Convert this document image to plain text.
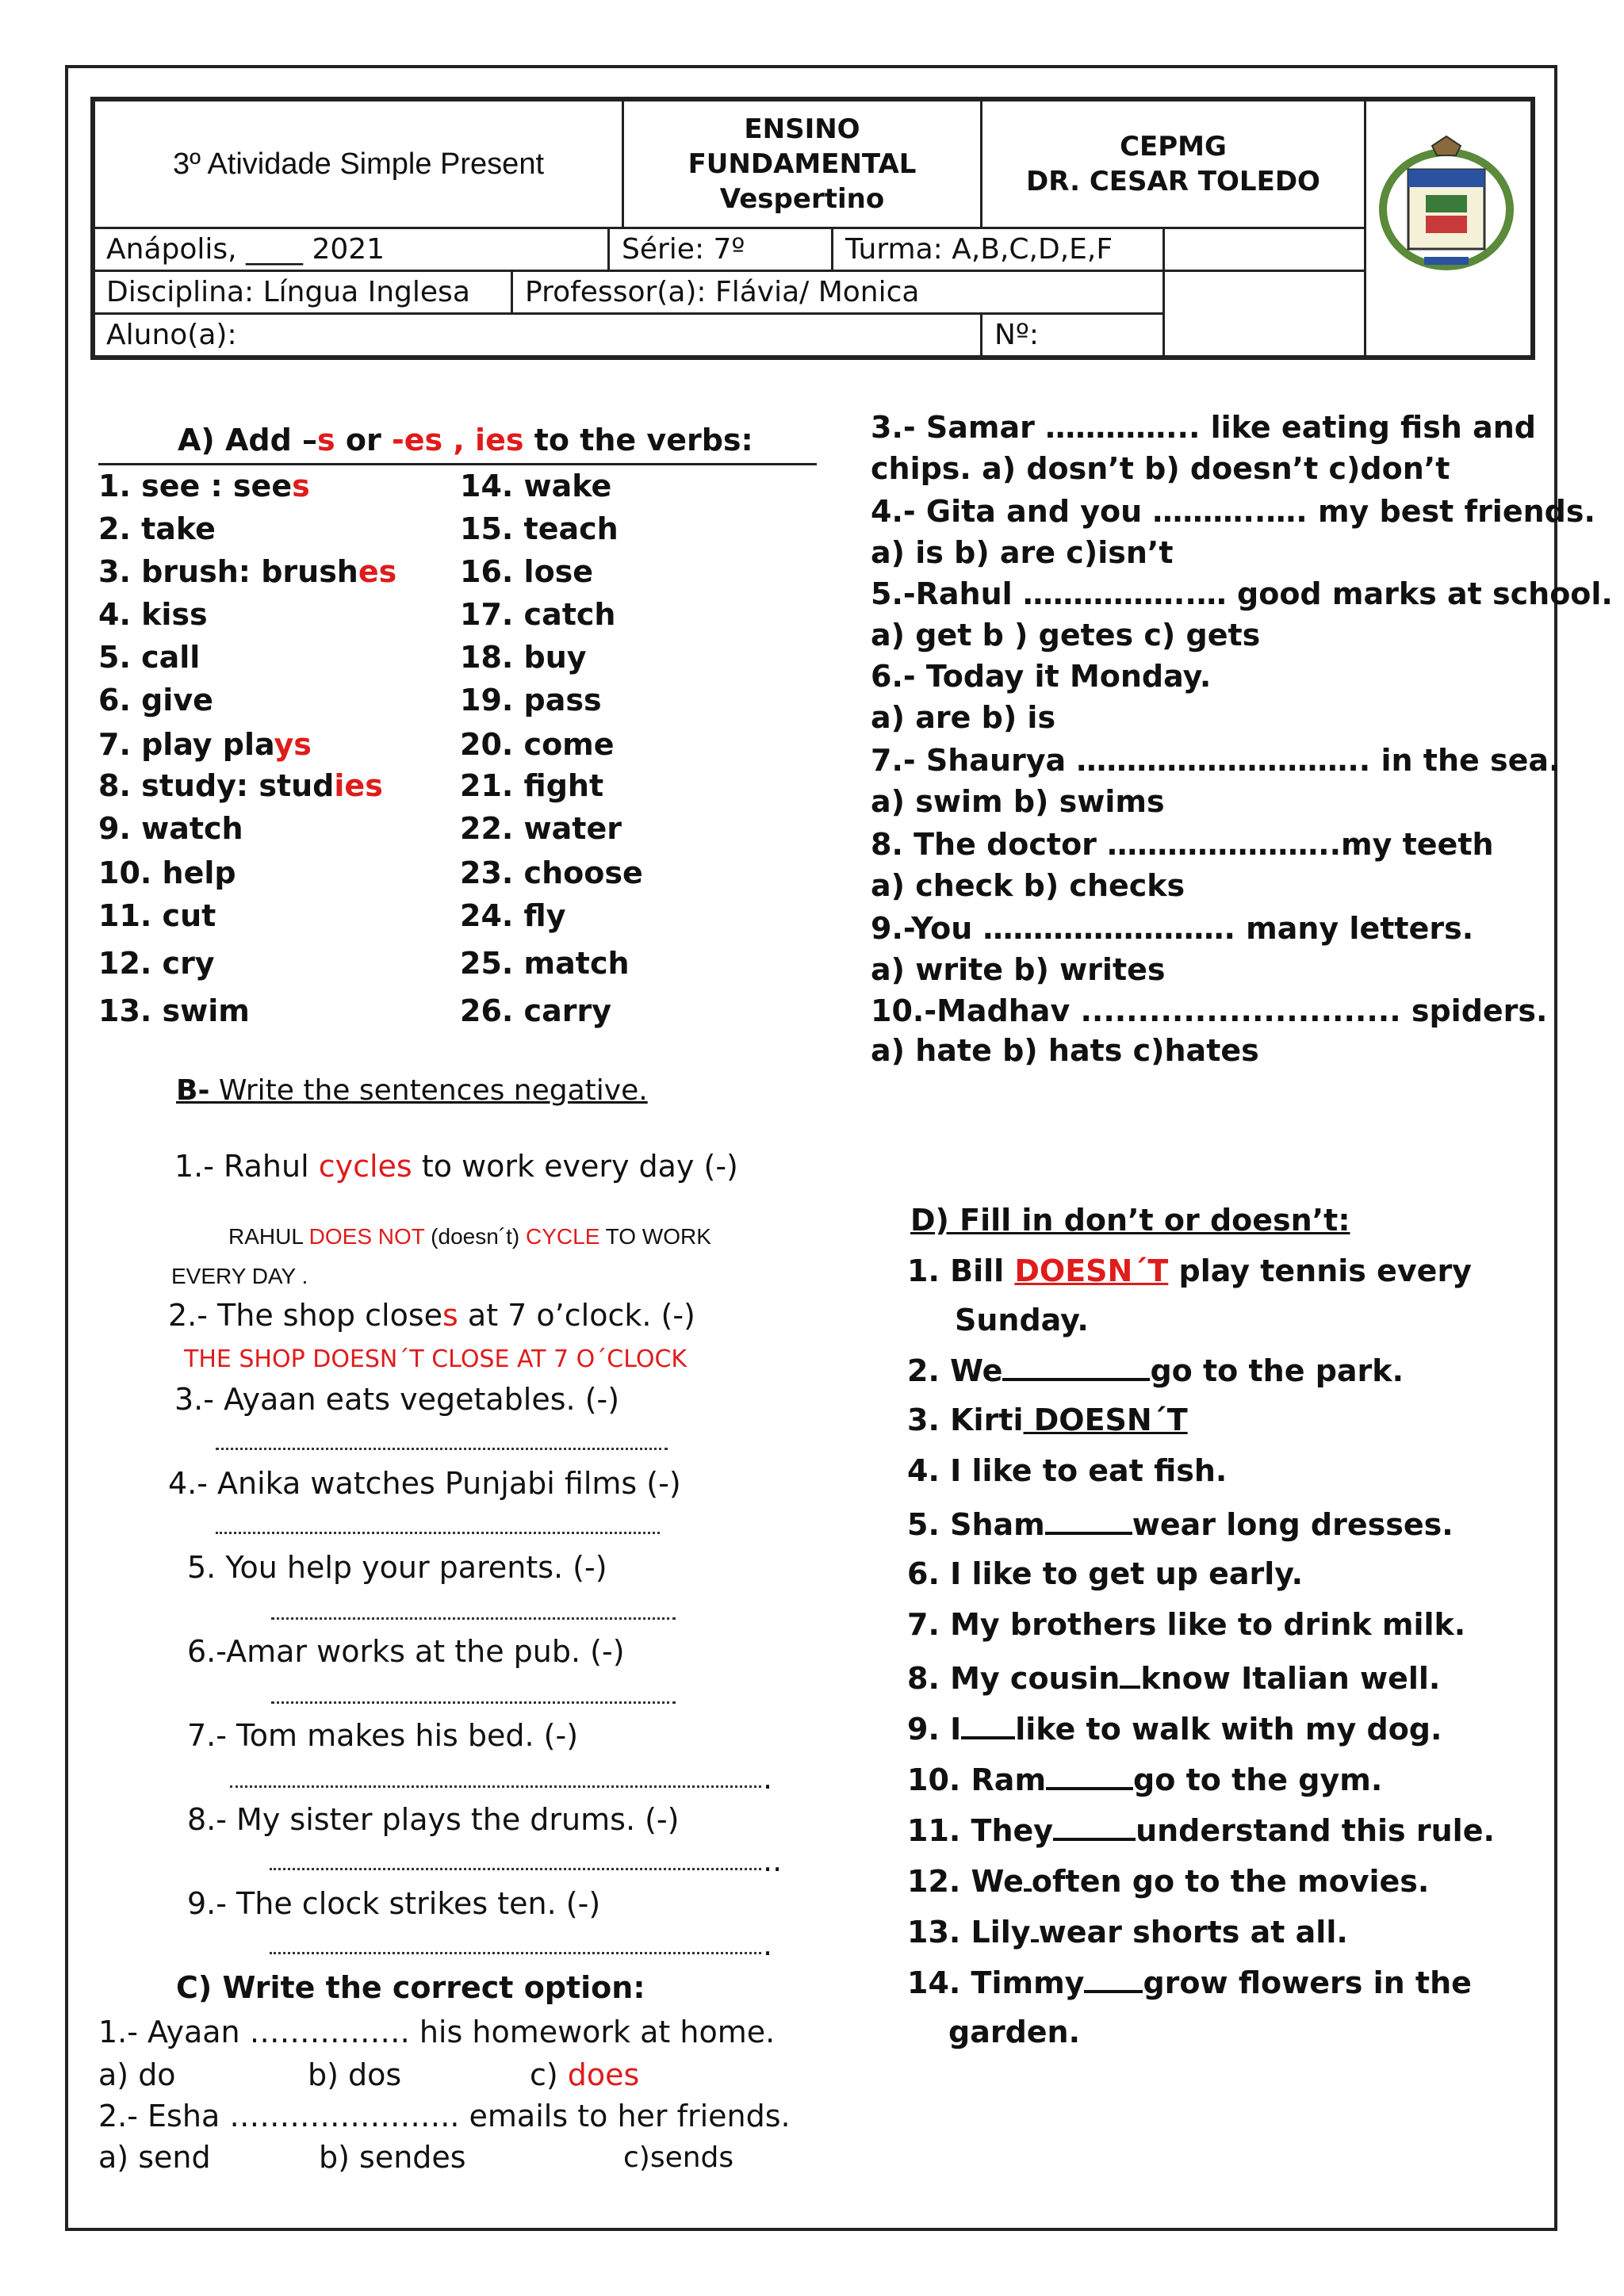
3º Atividade Simple Present
ENSINO
FUNDAMENTAL
Vespertino
CEPMG
DR. CESAR TOLEDO
Anápolis, ____ 2021	Série: 7º	Turma: A,B,C,D,E,F
Disciplina: Língua Inglesa	Professor(a): Flávia/ Monica
Aluno(a):	Nº:
A) Add –s or -es , ies to the verbs:
1. see : sees
2. take
3. brush: brushes
4. kiss
5. call
6. give
7. play plays
8. study: studies
9. watch
10. help
11. cut
12. cry
13. swim
14. wake
15. teach
16. lose
17. catch
18. buy
19. pass
20. come
21. fight
22. water
23. choose
24. fly
25. match
26. carry
B- Write the sentences negative.
1.- Rahul cycles to work every day (-)
RAHUL DOES NOT (doesn´t) CYCLE TO WORK
EVERY DAY .
2.- The shop closes at 7 o’clock. (-)
THE SHOP DOESN´T CLOSE AT 7 O´CLOCK
3.- Ayaan eats vegetables. (-)
4.- Anika watches Punjabi films (-)
5. You help your parents. (-)
6.-Amar works at the pub. (-)
7.- Tom makes his bed. (-)
.
8.- My sister plays the drums. (-)
..
9.- The clock strikes ten. (-)
.
C) Write the correct option:
1.- Ayaan ……………. his homework at home.
a) do	b) dos	c) does
2.- Esha ………………….. emails to her friends.
a) send	b) sendes	c)sends
3.- Samar …………... like eating fish and
chips. a) dosn’t b) doesn’t c)don’t
4.- Gita and you ………..…. my best friends.
a) is b) are c)isn’t
5.-Rahul ……………..… good marks at school.
a) get b ) getes c) gets
6.- Today it Monday.
a) are b) is
7.- Shaurya ……………………….. in the sea.
a) swim b) swims
8. The doctor …………………..my teeth
a) check b) checks
9.-You ……………………. many letters.
a) write b) writes
10.-Madhav ............................ spiders.
a) hate b) hats c)hates
D) Fill in don’t or doesn’t:
1. Bill DOESN´T play tennis every
Sunday.
2. We	go to the park.
3. Kirti DOESN´T
4. I like to eat fish.
5. Sham	wear long dresses.
6. I like to get up early.
7. My brothers like to drink milk.
8. My cousin know Italian well.
9. I like to walk with my dog.
10. Ram	go to the gym.
11. They	understand this rule.
12. We often go to the movies.
13. Lily wear shorts at all.
14. Timmy grow flowers in the
garden.
